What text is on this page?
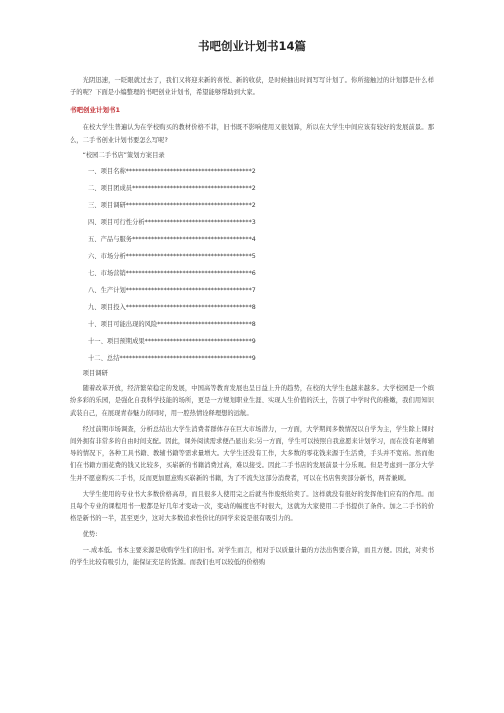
书吧创业计划书14篇

光阴迅速，一眨眼就过去了，我们又将迎来新的喜悦、新的收获，是时候抽出时间写写计划了。你所接触过的计划都是什么样子的呢？下面是小编整理的书吧创业计划书，希望能够帮助到大家。

书吧创业计划书1

在校大学生普遍认为在学校购买的教材价格不菲，旧书既不影响使用又很划算，所以在大学生中间应该有较好的发展前景。那么，二手书创业计划书要怎么写呢?

“校园二手书店”策划方案目录

一、项目名称****************************************2

二、项目团成员**************************************2

三、项目调研****************************************2

四、项目可行性分析**********************************3

五、产品与服务**************************************4

六、市场分析****************************************5

七、市场营销****************************************6

八、生产计划****************************************7

九、项目投入****************************************8

十、项目可能出现的风险******************************8

十一、项目预期成果**********************************9

十二、总结******************************************9

项目调研

随着改革开放，经济繁荣稳定的发展，中国高等教育发展也呈日益上升的趋势，在校的大学生也越来越多。大学校园是一个缤纷多彩的乐园，是强化自我科学技能的场所，更是一方规划职业生涯、实现人生价值的沃土，告别了中学时代的稚嫩，我们用知识武装自己，在展现青春魅力的同时，用一腔热情诠释理想的远航。

经过前期市场调查，分析总结出大学生消费者群体存在巨大市场潜力，一方面，大学期间多数情况以自学为主，学生除上课时间外拥有非常多的自由时间支配。因此，课外阅读需求便凸显出来;另一方面，学生可以按照自我意愿来计划学习，而在没有老师辅导的情况下，各种工具书籍、教辅书籍等需求量增大。大学生还没有工作，大多数的零花钱来源于生活费，手头并不宽裕。然而他们在书籍方面花费的钱又比较多，买崭新的书籍消费过高，难以接受。因此二手书店的发展前景十分乐观。但是考虑到一部分大学生并不愿意购买二手书，反而更加愿意购买崭新的书籍，为了不流失这部分消费者，可以在书店售卖部分新书，两者兼顾。

大学生使用的专业书大多数价格高昂，而且很多人使用完之后就当作废纸给卖了。这样就没有很好的发挥他们应有的作用。而且每个专业的课程用书一般都是好几年才变动一次，变动的幅度也不时很大，这就为大家使用二手书提供了条件。加之二手书的价格是新书的一半，甚至更少，这对大多数追求性价比的同学来说是很有吸引力的。

优势:

一.成本低。书本主要来源是收购学生们的旧书。对学生而言，相对于以质量计量的方法出售要合算，而且方便。因此，对卖书的学生比较有吸引力，能保证充足的货源。而我们也可以较低的价格购
